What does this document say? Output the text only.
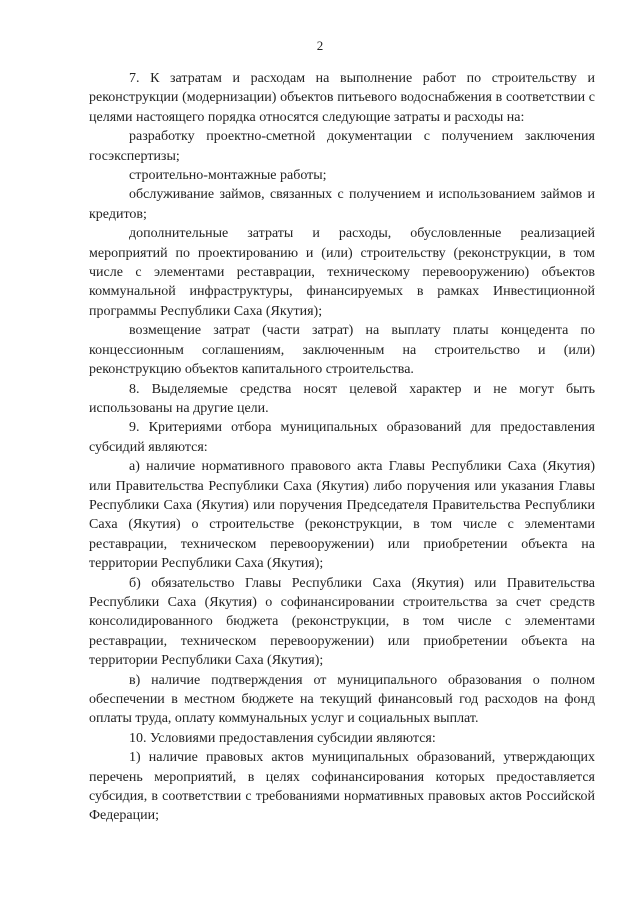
2

7. К затратам и расходам на выполнение работ по строительству и реконструкции (модернизации) объектов питьевого водоснабжения в соответствии с целями настоящего порядка относятся следующие затраты и расходы на:

разработку проектно-сметной документации с получением заключения госэкспертизы;

строительно-монтажные работы;

обслуживание займов, связанных с получением и использованием займов и кредитов;

дополнительные затраты и расходы, обусловленные реализацией мероприятий по проектированию и (или) строительству (реконструкции, в том числе с элементами реставрации, техническому перевооружению) объектов коммунальной инфраструктуры, финансируемых в рамках Инвестиционной программы Республики Саха (Якутия);

возмещение затрат (части затрат) на выплату платы концедента по концессионным соглашениям, заключенным на строительство и (или) реконструкцию объектов капитального строительства.

8. Выделяемые средства носят целевой характер и не могут быть использованы на другие цели.

9. Критериями отбора муниципальных образований для предоставления субсидий являются:

а) наличие нормативного правового акта Главы Республики Саха (Якутия) или Правительства Республики Саха (Якутия) либо поручения или указания Главы Республики Саха (Якутия) или поручения Председателя Правительства Республики Саха (Якутия) о строительстве (реконструкции, в том числе с элементами реставрации, техническом перевооружении) или приобретении объекта на территории Республики Саха (Якутия);

б) обязательство Главы Республики Саха (Якутия) или Правительства Республики Саха (Якутия) о софинансировании строительства за счет средств консолидированного бюджета (реконструкции, в том числе с элементами реставрации, техническом перевооружении) или приобретении объекта на территории Республики Саха (Якутия);

в) наличие подтверждения от муниципального образования о полном обеспечении в местном бюджете на текущий финансовый год расходов на фонд оплаты труда, оплату коммунальных услуг и социальных выплат.

10. Условиями предоставления субсидии являются:

1) наличие правовых актов муниципальных образований, утверждающих перечень мероприятий, в целях софинансирования которых предоставляется субсидия, в соответствии с требованиями нормативных правовых актов Российской Федерации;
